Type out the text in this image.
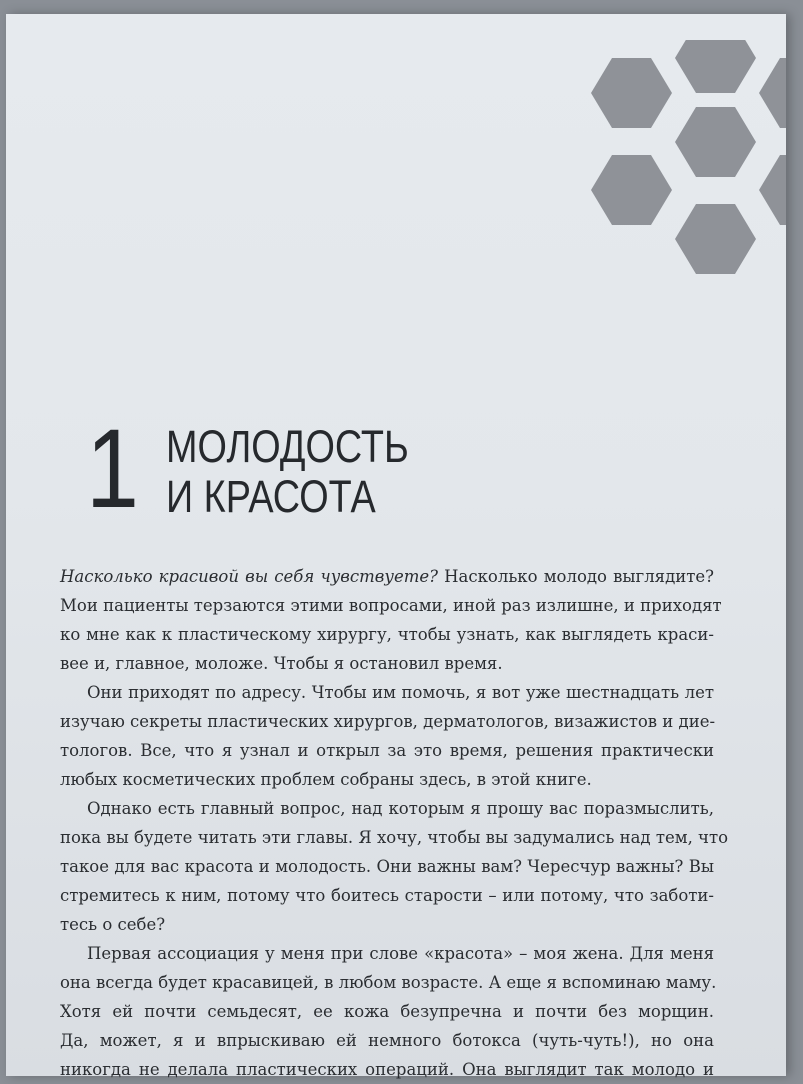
1 МОЛОДОСТЬ
И КРАСОТА
Насколько красивой вы себя чувствуете? Насколько молодо выглядите?
Мои пациенты терзаются этими вопросами, иной раз излишне, и приходят
ко мне как к пластическому хирургу, чтобы узнать, как выглядеть краси-
вее и, главное, моложе. Чтобы я остановил время.
Они приходят по адресу. Чтобы им помочь, я вот уже шестнадцать лет
изучаю секреты пластических хирургов, дерматологов, визажистов и дие-
тологов. Все, что я узнал и открыл за это время, решения практически
любых косметических проблем собраны здесь, в этой книге.
Однако есть главный вопрос, над которым я прошу вас поразмыслить,
пока вы будете читать эти главы. Я хочу, чтобы вы задумались над тем, что
такое для вас красота и молодость. Они важны вам? Чересчур важны? Вы
стремитесь к ним, потому что боитесь старости – или потому, что заботи-
тесь о себе?
Первая ассоциация у меня при слове «красота» – моя жена. Для меня
она всегда будет красавицей, в любом возрасте. А еще я вспоминаю маму.
Хотя ей почти семьдесят, ее кожа безупречна и почти без морщин.
Да, может, я и впрыскиваю ей немного ботокса (чуть-чуть!), но она
никогда не делала пластических операций. Она выглядит так молодо и
